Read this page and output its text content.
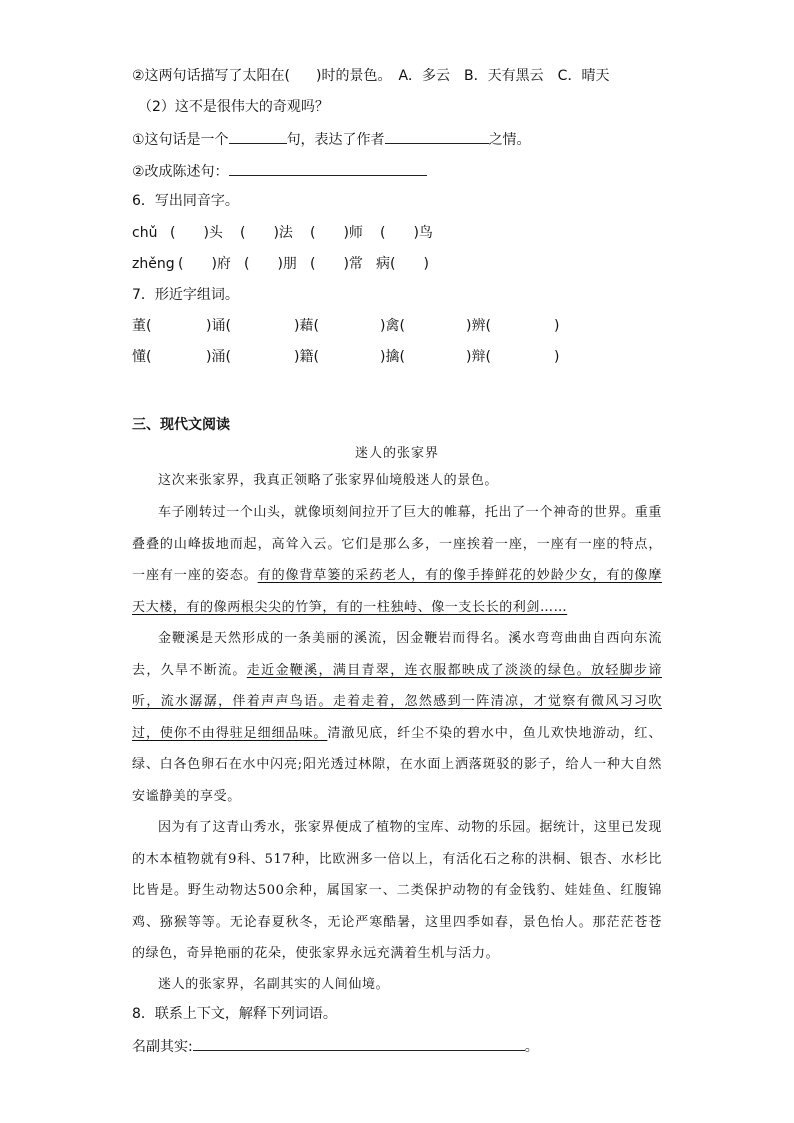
②这两句话描写了太阳在( )时的景色。　 A．多云　B．天有黑云　C．晴天
（2）这不是很伟大的奇观吗？
①这句话是一个	句，表达了作者	之情。
②改成陈述句：
6．写出同音字。
chǔ (　　)头 (　　)法 (　　)师 (　　)鸟
zhěng (　　)府 (　　)朋 (　　)常 病(　　)
7．形近字组词。
董(	)诵(	)藉(	)禽(	)辨(	)
懂(	)涌(	)籍(	)擒(	)辩(	)
三、现代文阅读
迷人的张家界

这次来张家界，我真正领略了张家界仙境般迷人的景色。

车子刚转过一个山头，就像顷刻间拉开了巨大的帷幕，托出了一个神奇的世界。重重叠叠的山峰拔地而起，高耸入云。它们是那么多，一座挨着一座，一座有一座的特点，一座有一座的姿态。有的像背草篓的采药老人，有的像手捧鲜花的妙龄少女，有的像摩天大楼，有的像两根尖尖的竹笋，有的一柱独峙、像一支长长的利剑……

金鞭溪是天然形成的一条美丽的溪流，因金鞭岩而得名。溪水弯弯曲曲自西向东流去，久旱不断流。走近金鞭溪，满目青翠，连衣服都映成了淡淡的绿色。放轻脚步谛听，流水潺潺，伴着声声鸟语。走着走着，忽然感到一阵清凉，才觉察有微风习习吹过，使你不由得驻足细细品味。清澈见底，纤尘不染的碧水中，鱼儿欢快地游动，红、绿、白各色卵石在水中闪亮;阳光透过林隙，在水面上洒落斑驳的影子，给人一种大自然安谧静美的享受。

因为有了这青山秀水，张家界便成了植物的宝库、动物的乐园。据统计，这里已发现的木本植物就有9科、517种，比欧洲多一倍以上，有活化石之称的洪桐、银杏、水杉比比皆是。野生动物达500余种，属国家一、二类保护动物的有金钱豹、娃娃鱼、红腹锦鸡、猕猴等等。无论春夏秋冬，无论严寒酷暑，这里四季如春，景色怡人。那茫茫苍苍的绿色，奇异艳丽的花朵，使张家界永远充满着生机与活力。

迷人的张家界，名副其实的人间仙境。

8．联系上下文，解释下列词语。
名副其实:	。
